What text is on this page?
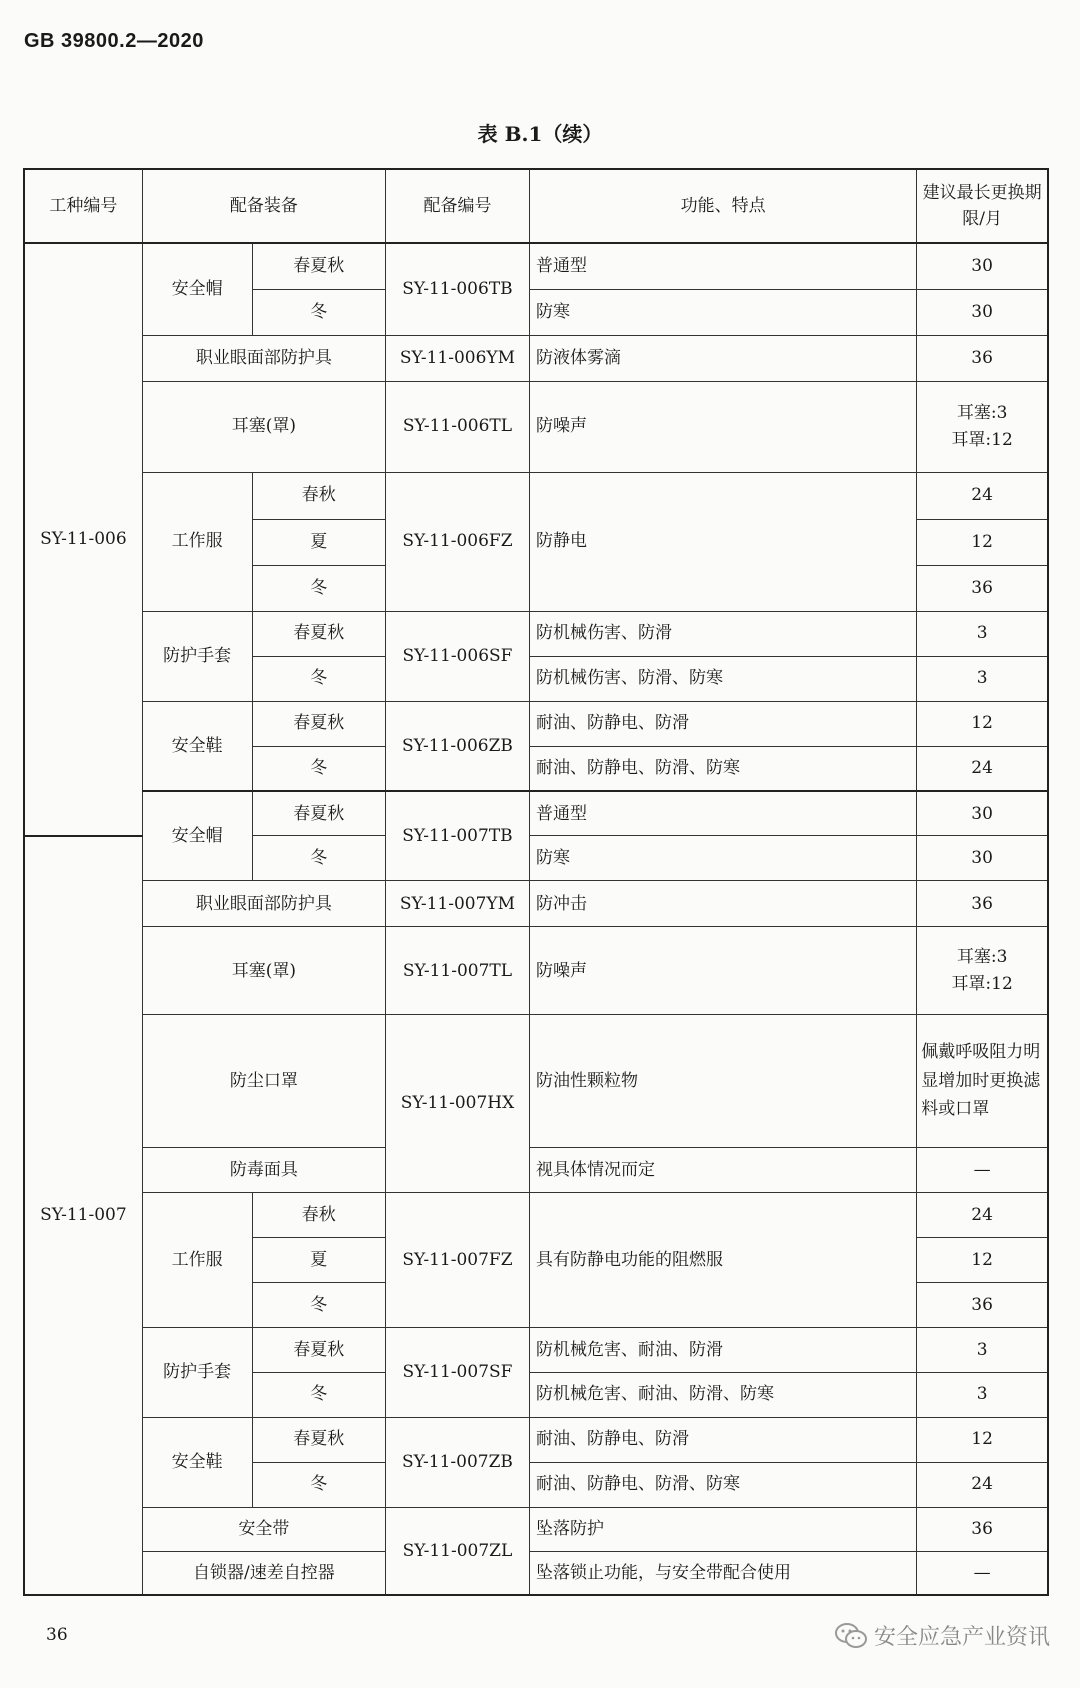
GB 39800.2—2020
表 B.1（续）
工种编号	配备装备		配备编号	功能、特点	建议最长更换期限/月
SY-11-006	安全帽	春夏秋	SY-11-006TB	普通型	30
		冬		防寒	30
	职业眼面部防护具		SY-11-006YM	防液体雾滴	36
	耳塞(罩)		SY-11-006TL	防噪声	耳塞:3
耳罩:12
	工作服	春秋	SY-11-006FZ	防静电	24
		夏			12
		冬			36
	防护手套	春夏秋	SY-11-006SF	防机械伤害、防滑	3
		冬		防机械伤害、防滑、防寒	3
	安全鞋	春夏秋	SY-11-006ZB	耐油、防静电、防滑	12
		冬		耐油、防静电、防滑、防寒	24
	安全帽	春夏秋	SY-11-007TB	普通型	30
SY-11-007		冬		防寒	30
	职业眼面部防护具		SY-11-007YM	防冲击	36
	耳塞(罩)		SY-11-007TL	防噪声	耳塞:3
耳罩:12
	防尘口罩		SY-11-007HX	防油性颗粒物	佩戴呼吸阻力明显增加时更换滤料或口罩
	防毒面具			视具体情况而定	—
	工作服	春秋	SY-11-007FZ	具有防静电功能的阻燃服	24
		夏			12
		冬			36
	防护手套	春夏秋	SY-11-007SF	防机械危害、耐油、防滑	3
		冬		防机械危害、耐油、防滑、防寒	3
	安全鞋	春夏秋	SY-11-007ZB	耐油、防静电、防滑	12
		冬		耐油、防静电、防滑、防寒	24
	安全带		SY-11-007ZL	坠落防护	36
	自锁器/速差自控器			坠落锁止功能，与安全带配合使用	—
36	安全应急产业资讯
